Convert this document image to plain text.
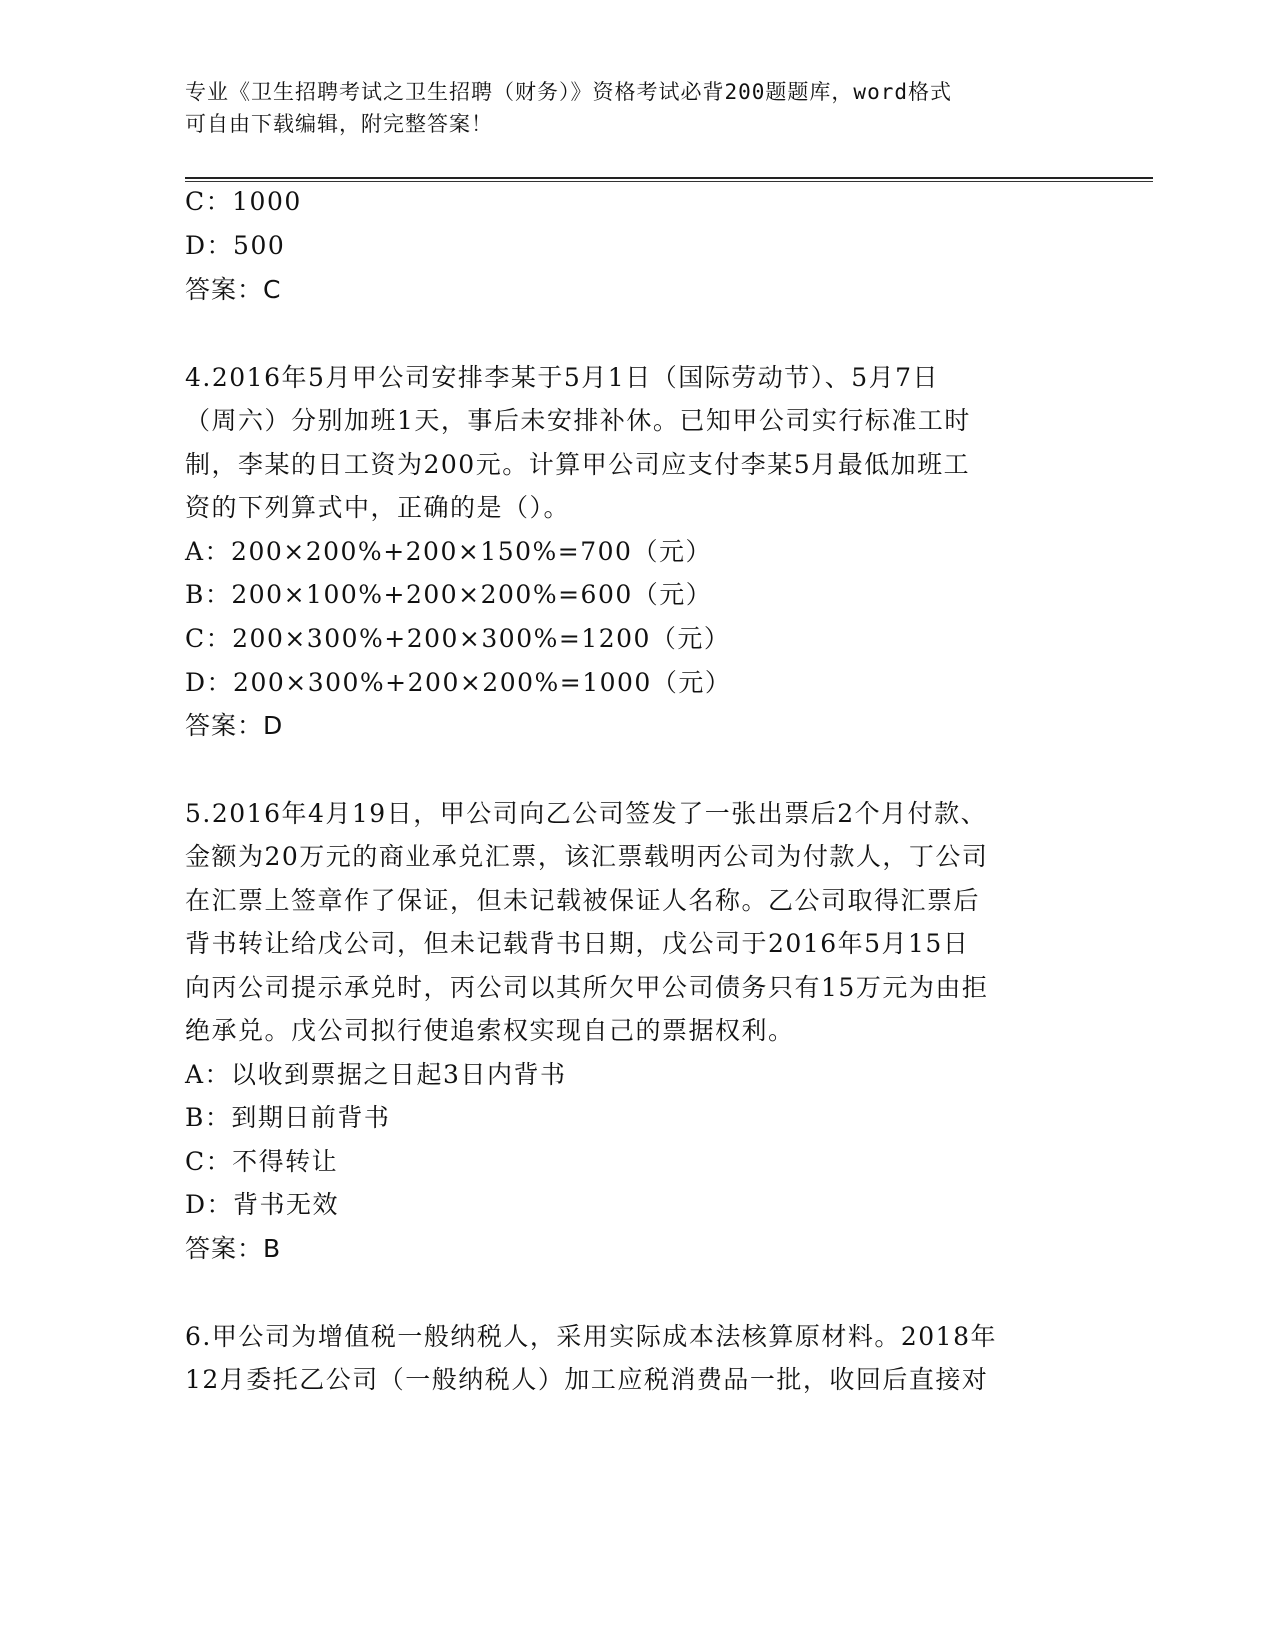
专业《卫生招聘考试之卫生招聘（财务）》资格考试必背200题题库，word格式
可自由下载编辑，附完整答案！
C：1000
D：500
答案：C
4.2016年5月甲公司安排李某于5月1日（国际劳动节）、5月7日
（周六）分别加班1天，事后未安排补休。已知甲公司实行标准工时
制，李某的日工资为200元。计算甲公司应支付李某5月最低加班工
资的下列算式中，正确的是（）。
A：200×200%+200×150%=700（元）
B：200×100%+200×200%=600（元）
C：200×300%+200×300%=1200（元）
D：200×300%+200×200%=1000（元）
答案：D
5.2016年4月19日，甲公司向乙公司签发了一张出票后2个月付款、
金额为20万元的商业承兑汇票，该汇票载明丙公司为付款人，丁公司
在汇票上签章作了保证，但未记载被保证人名称。乙公司取得汇票后
背书转让给戊公司，但未记载背书日期，戊公司于2016年5月15日
向丙公司提示承兑时，丙公司以其所欠甲公司债务只有15万元为由拒
绝承兑。戊公司拟行使追索权实现自己的票据权利。
A：以收到票据之日起3日内背书
B：到期日前背书
C：不得转让
D：背书无效
答案：B
6.甲公司为增值税一般纳税人，采用实际成本法核算原材料。2018年
12月委托乙公司（一般纳税人）加工应税消费品一批，收回后直接对
